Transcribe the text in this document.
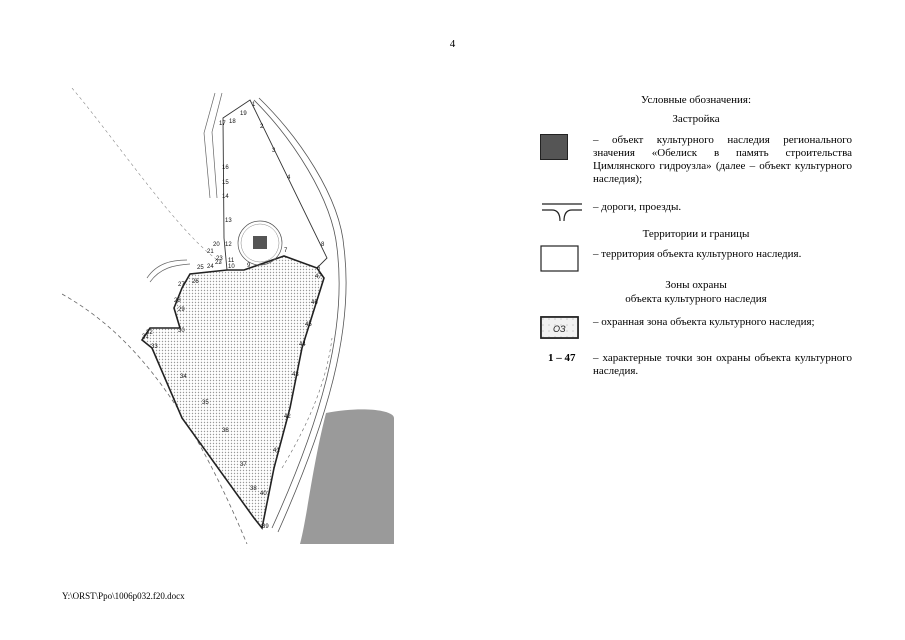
4
1
2
3
4
6
7
8
9
10
11
12
13
14
15
16
17 18
19
20
21
22
23
24
25
26
27
28
29
30
31
32
33
34
35
36
37
38
39
40
41
42
43
44
45
46
47
Условные обозначения:
Застройка
– объект культурного наследия регионального значения «Обелиск в память строительства Цимлянского гидроузла» (далее – объект культурного наследия);
– дороги, проезды.
Территории и границы
– территория объекта культурного наследия.
Зоны охраны
объекта культурного наследия
ОЗ
– охранная зона объекта культурного наследия;
1 – 47 – характерные точки зон охраны объекта культурного наследия.
Y:\ORST\Ppo\1006p032.f20.docx
